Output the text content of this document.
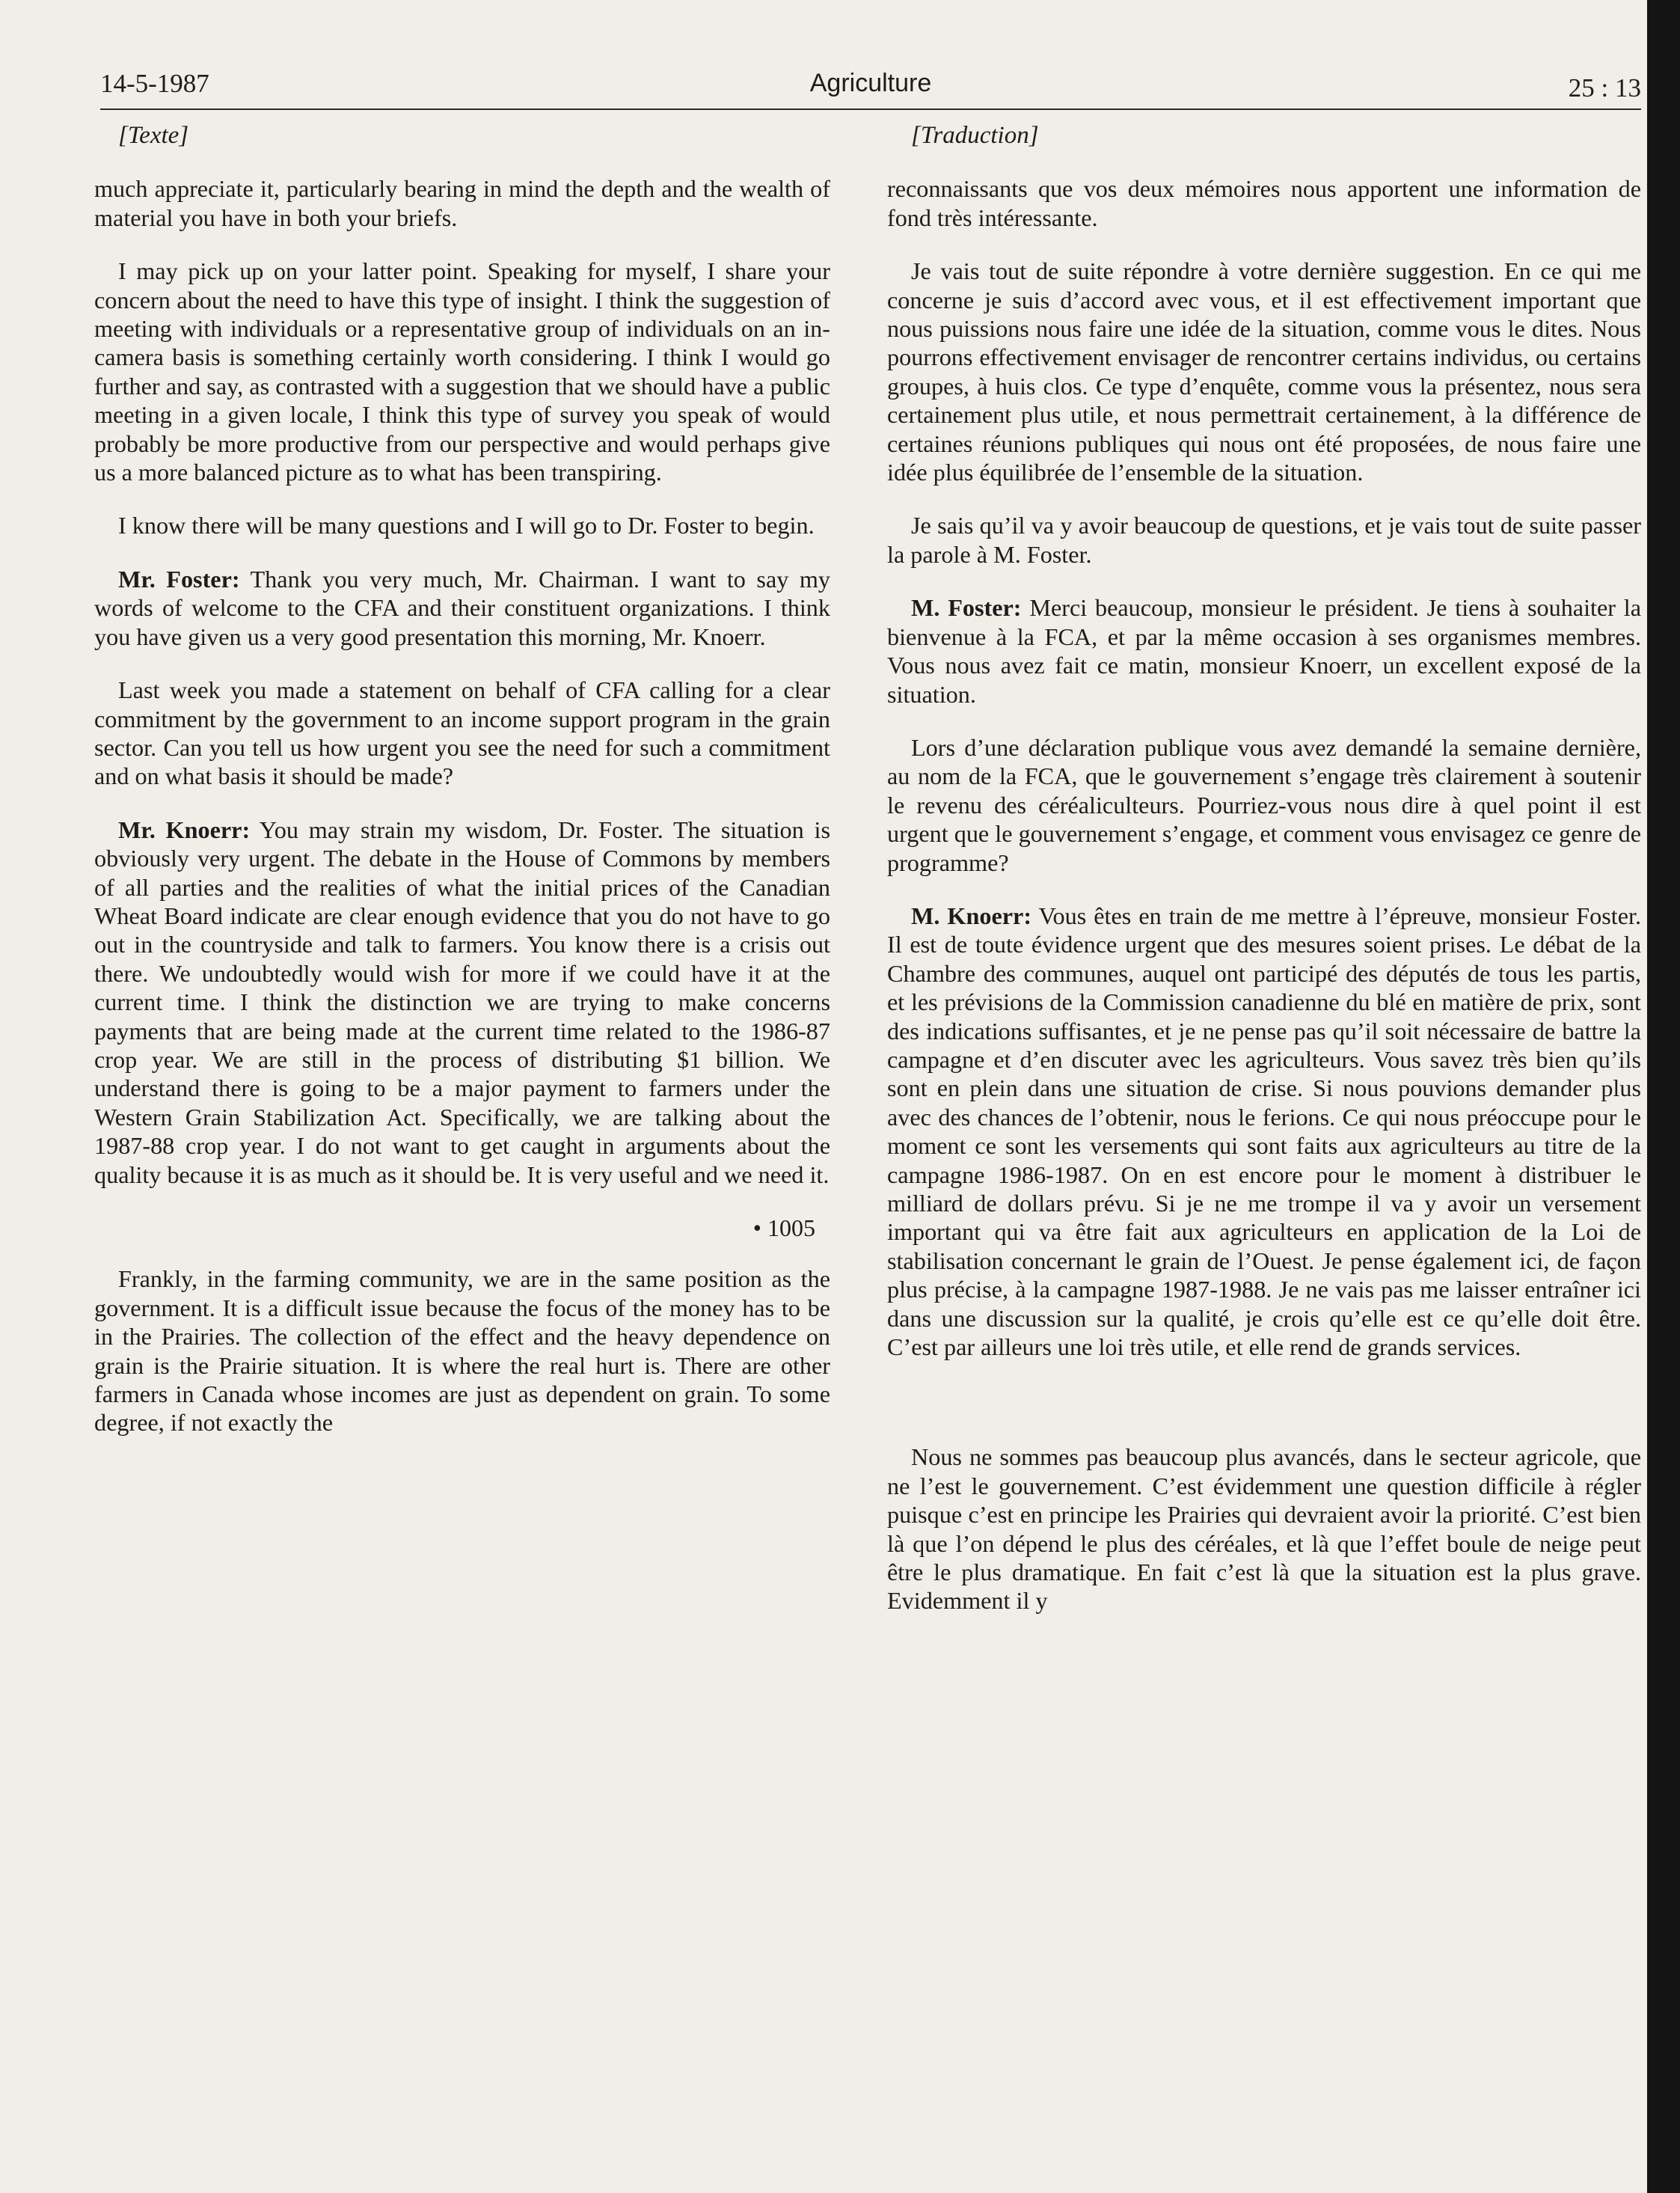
14-5-1987	Agriculture	25 : 13

[Texte]

much appreciate it, particularly bearing in mind the depth and the wealth of material you have in both your briefs.

I may pick up on your latter point. Speaking for myself, I share your concern about the need to have this type of insight. I think the suggestion of meeting with individuals or a representative group of individuals on an in-camera basis is something certainly worth considering. I think I would go further and say, as contrasted with a suggestion that we should have a public meeting in a given locale, I think this type of survey you speak of would probably be more productive from our perspective and would perhaps give us a more balanced picture as to what has been transpiring.

I know there will be many questions and I will go to Dr. Foster to begin.

Mr. Foster: Thank you very much, Mr. Chairman. I want to say my words of welcome to the CFA and their constituent organizations. I think you have given us a very good presentation this morning, Mr. Knoerr.

Last week you made a statement on behalf of CFA calling for a clear commitment by the government to an income support program in the grain sector. Can you tell us how urgent you see the need for such a commitment and on what basis it should be made?

Mr. Knoerr: You may strain my wisdom, Dr. Foster. The situation is obviously very urgent. The debate in the House of Commons by members of all parties and the realities of what the initial prices of the Canadian Wheat Board indicate are clear enough evidence that you do not have to go out in the countryside and talk to farmers. You know there is a crisis out there. We undoubtedly would wish for more if we could have it at the current time. I think the distinction we are trying to make concerns payments that are being made at the current time related to the 1986-87 crop year. We are still in the process of distributing $1 billion. We understand there is going to be a major payment to farmers under the Western Grain Stabilization Act. Specifically, we are talking about the 1987-88 crop year. I do not want to get caught in arguments about the quality because it is as much as it should be. It is very useful and we need it.

• 1005

Frankly, in the farming community, we are in the same position as the government. It is a difficult issue because the focus of the money has to be in the Prairies. The collection of the effect and the heavy dependence on grain is the Prairie situation. It is where the real hurt is. There are other farmers in Canada whose incomes are just as dependent on grain. To some degree, if not exactly the

[Traduction]

reconnaissants que vos deux mémoires nous apportent une information de fond très intéressante.

Je vais tout de suite répondre à votre dernière suggestion. En ce qui me concerne je suis d’accord avec vous, et il est effectivement important que nous puissions nous faire une idée de la situation, comme vous le dites. Nous pourrons effectivement envisager de rencontrer certains individus, ou certains groupes, à huis clos. Ce type d’enquête, comme vous la présentez, nous sera certainement plus utile, et nous permettrait certainement, à la différence de certaines réunions publiques qui nous ont été proposées, de nous faire une idée plus équilibrée de l’ensemble de la situation.

Je sais qu’il va y avoir beaucoup de questions, et je vais tout de suite passer la parole à M. Foster.

M. Foster: Merci beaucoup, monsieur le président. Je tiens à souhaiter la bienvenue à la FCA, et par la même occasion à ses organismes membres. Vous nous avez fait ce matin, monsieur Knoerr, un excellent exposé de la situation.

Lors d’une déclaration publique vous avez demandé la semaine dernière, au nom de la FCA, que le gouvernement s’engage très clairement à soutenir le revenu des céréaliculteurs. Pourriez-vous nous dire à quel point il est urgent que le gouvernement s’engage, et comment vous envisagez ce genre de programme?

M. Knoerr: Vous êtes en train de me mettre à l’épreuve, monsieur Foster. Il est de toute évidence urgent que des mesures soient prises. Le débat de la Chambre des communes, auquel ont participé des députés de tous les partis, et les prévisions de la Commission canadienne du blé en matière de prix, sont des indications suffisantes, et je ne pense pas qu’il soit nécessaire de battre la campagne et d’en discuter avec les agriculteurs. Vous savez très bien qu’ils sont en plein dans une situation de crise. Si nous pouvions demander plus avec des chances de l’obtenir, nous le ferions. Ce qui nous préoccupe pour le moment ce sont les versements qui sont faits aux agriculteurs au titre de la campagne 1986-1987. On en est encore pour le moment à distribuer le milliard de dollars prévu. Si je ne me trompe il va y avoir un versement important qui va être fait aux agriculteurs en application de la Loi de stabilisation concernant le grain de l’Ouest. Je pense également ici, de façon plus précise, à la campagne 1987-1988. Je ne vais pas me laisser entraîner ici dans une discussion sur la qualité, je crois qu’elle est ce qu’elle doit être. C’est par ailleurs une loi très utile, et elle rend de grands services.

Nous ne sommes pas beaucoup plus avancés, dans le secteur agricole, que ne l’est le gouvernement. C’est évidemment une question difficile à régler puisque c’est en principe les Prairies qui devraient avoir la priorité. C’est bien là que l’on dépend le plus des céréales, et là que l’effet boule de neige peut être le plus dramatique. En fait c’est là que la situation est la plus grave. Evidemment il y
